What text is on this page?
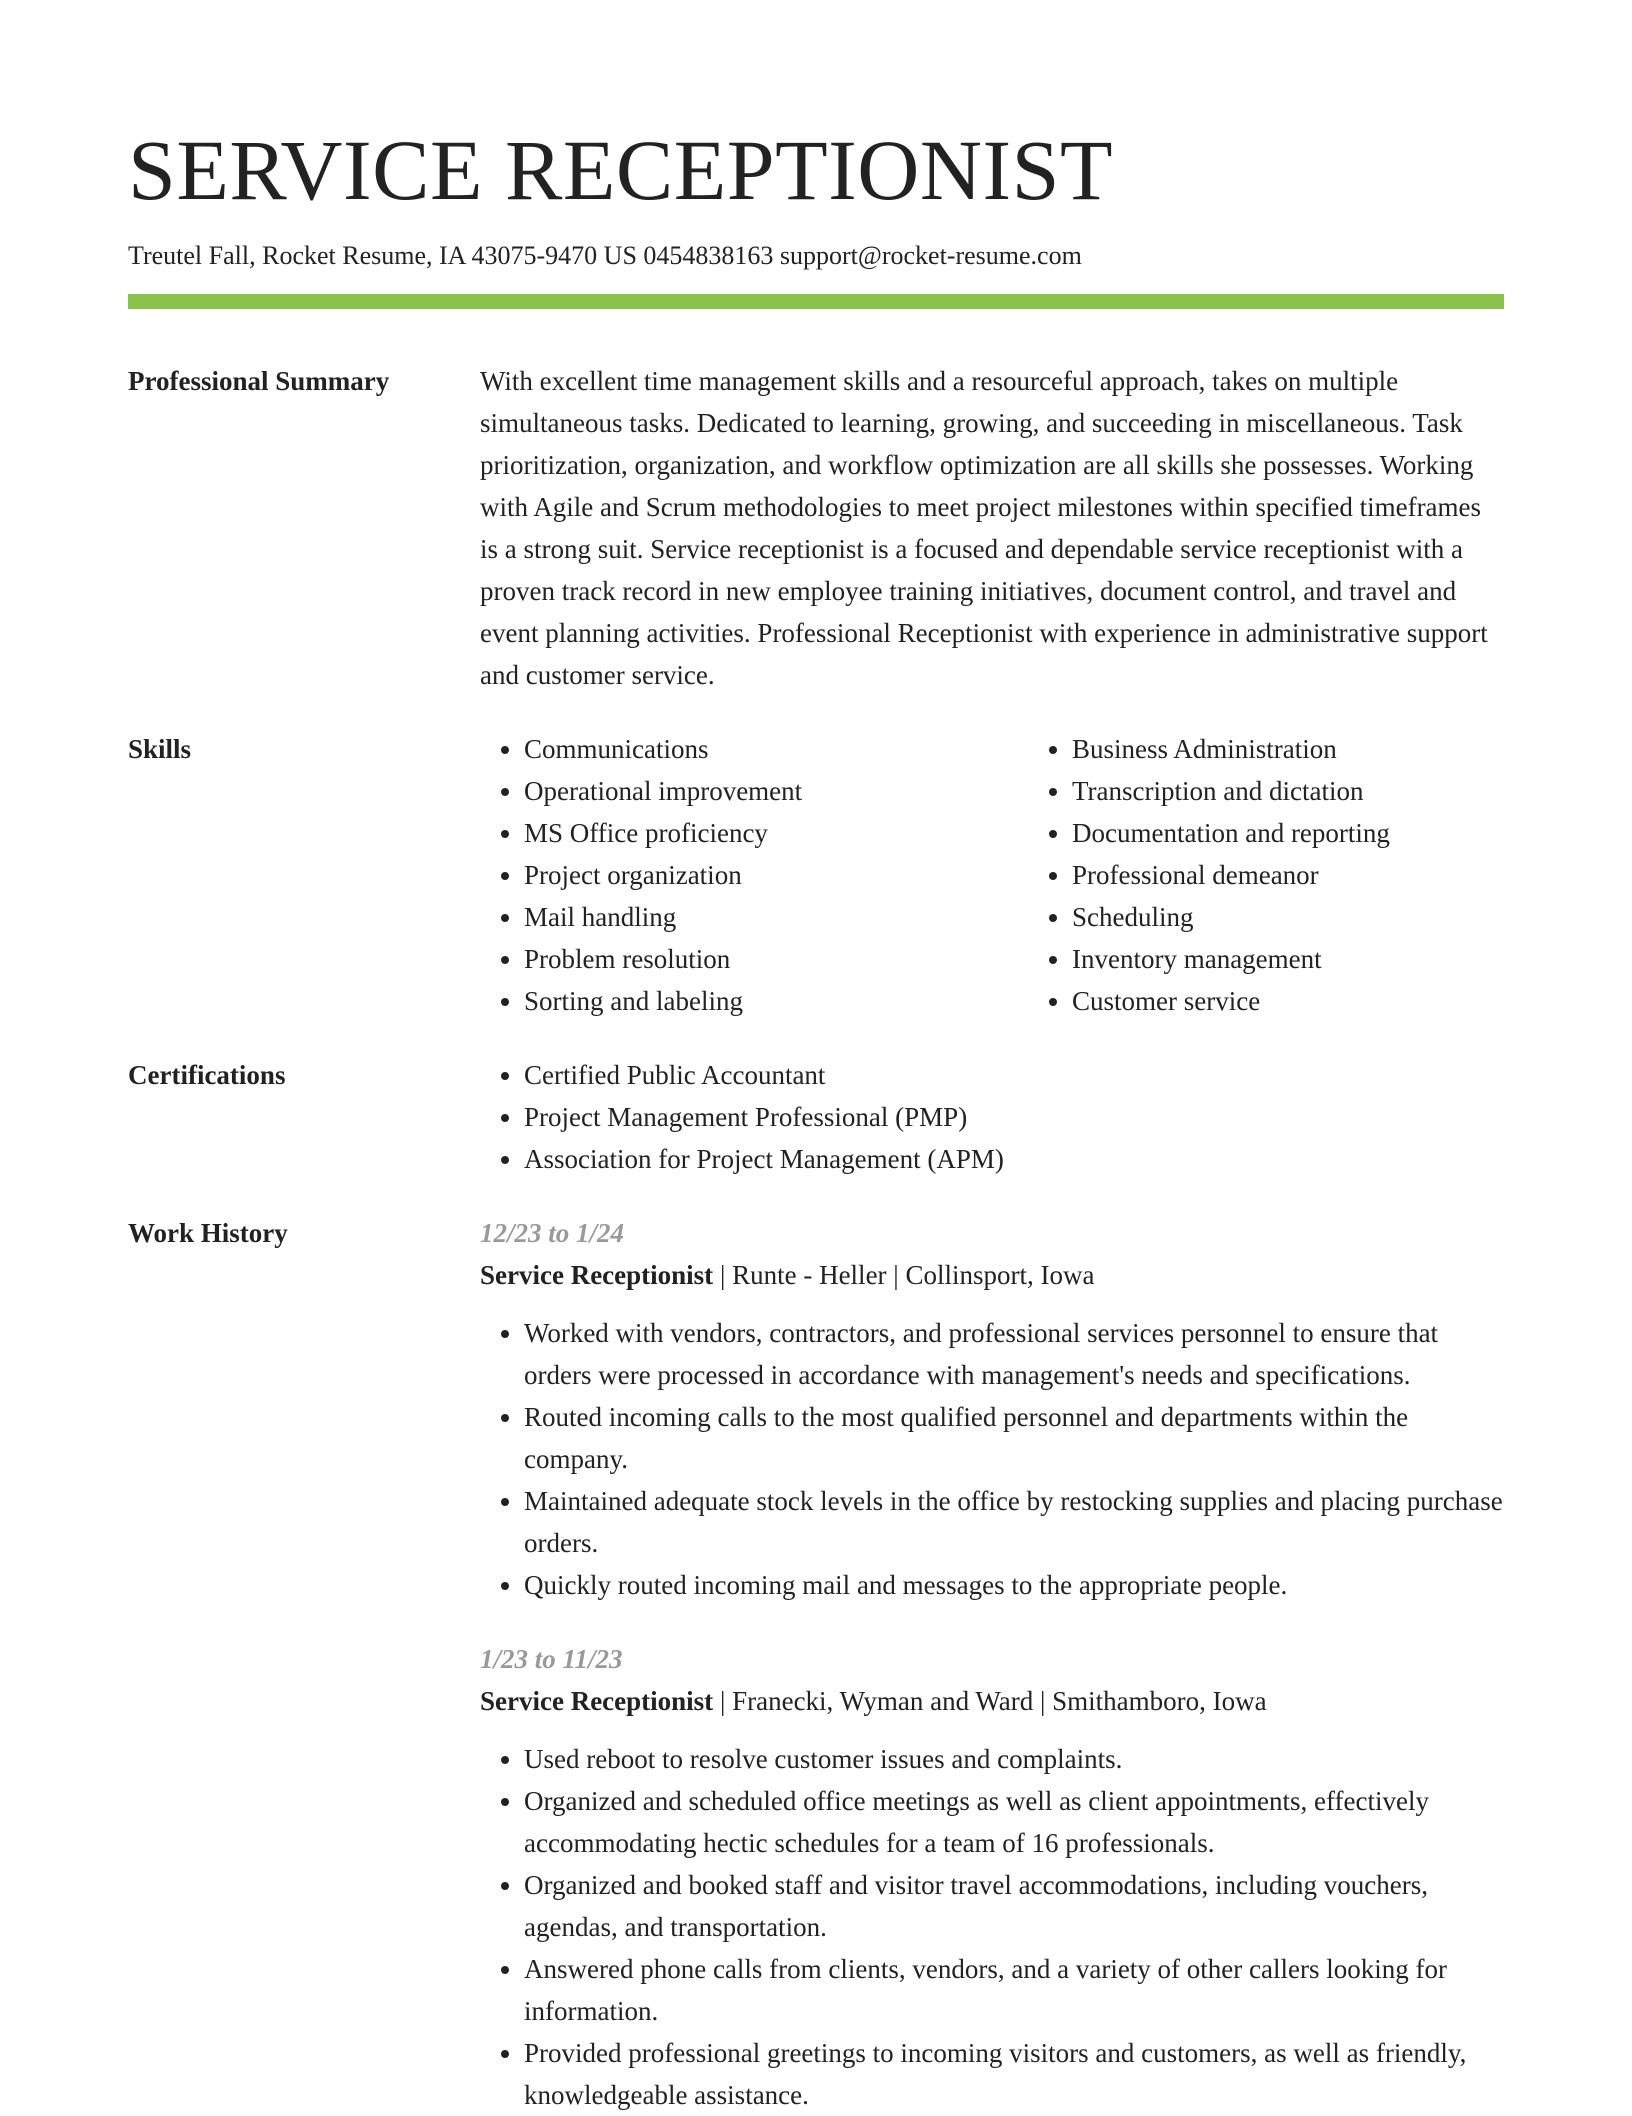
SERVICE RECEPTIONIST
Treutel Fall, Rocket Resume, IA 43075-9470 US 0454838163 support@rocket-resume.com
Professional Summary	With excellent time management skills and a resourceful approach, takes on multiple simultaneous tasks. Dedicated to learning, growing, and succeeding in miscellaneous. Task prioritization, organization, and workflow optimization are all skills she possesses. Working with Agile and Scrum methodologies to meet project milestones within specified timeframes is a strong suit. Service receptionist is a focused and dependable service receptionist with a proven track record in new employee training initiatives, document control, and travel and event planning activities. Professional Receptionist with experience in administrative support and customer service.

Skills	• Communications
• Operational improvement
• MS Office proficiency
• Project organization
• Mail handling
• Problem resolution
• Sorting and labeling
• Business Administration
• Transcription and dictation
• Documentation and reporting
• Professional demeanor
• Scheduling
• Inventory management
• Customer service
Certifications	• Certified Public Accountant
• Project Management Professional (PMP)
• Association for Project Management (APM)
Work History	12/23 to 1/24
Service Receptionist | Runte - Heller | Collinsport, Iowa
• Worked with vendors, contractors, and professional services personnel to ensure that orders were processed in accordance with management's needs and specifications.
• Routed incoming calls to the most qualified personnel and departments within the company.
• Maintained adequate stock levels in the office by restocking supplies and placing purchase orders.
• Quickly routed incoming mail and messages to the appropriate people.
1/23 to 11/23
Service Receptionist | Franecki, Wyman and Ward | Smithamboro, Iowa
• Used reboot to resolve customer issues and complaints.
• Organized and scheduled office meetings as well as client appointments, effectively accommodating hectic schedules for a team of 16 professionals.
• Organized and booked staff and visitor travel accommodations, including vouchers, agendas, and transportation.
• Answered phone calls from clients, vendors, and a variety of other callers looking for information.
• Provided professional greetings to incoming visitors and customers, as well as friendly, knowledgeable assistance.
